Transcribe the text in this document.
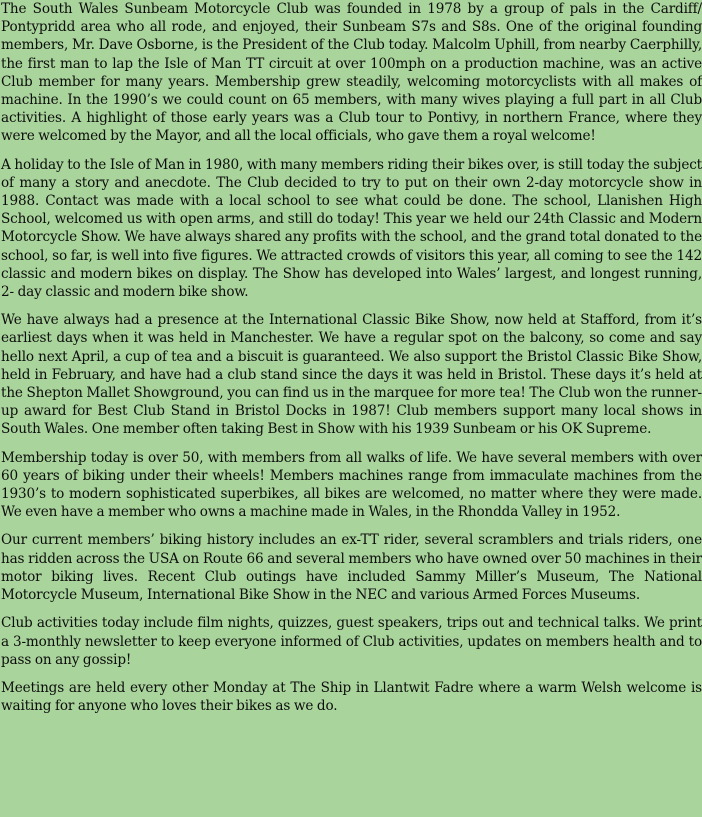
The South Wales Sunbeam Motorcycle Club was founded in 1978 by a group of pals in the Cardiff/ Pontypridd area who all rode, and enjoyed, their Sunbeam S7s and S8s. One of the original founding members, Mr. Dave Osborne, is the President of the Club today. Malcolm Uphill, from nearby Caerphilly, the first man to lap the Isle of Man TT circuit at over 100mph on a production machine, was an active Club member for many years. Membership grew steadily, welcoming motorcyclists with all makes of machine. In the 1990’s we could count on 65 members, with many wives playing a full part in all Club activities. A highlight of those early years was a Club tour to Pontivy, in northern France, where they were welcomed by the Mayor, and all the local officials, who gave them a royal welcome!

A holiday to the Isle of Man in 1980, with many members riding their bikes over, is still today the subject of many a story and anecdote. The Club decided to try to put on their own 2-day motorcycle show in 1988. Contact was made with a local school to see what could be done. The school, Llanishen High School, welcomed us with open arms, and still do today! This year we held our 24th Classic and Modern Motorcycle Show. We have always shared any profits with the school, and the grand total donated to the school, so far, is well into five figures. We attracted crowds of visitors this year, all coming to see the 142 classic and modern bikes on display. The Show has developed into Wales’ largest, and longest running, 2- day classic and modern bike show.

We have always had a presence at the International Classic Bike Show, now held at Stafford, from it’s earliest days when it was held in Manchester. We have a regular spot on the balcony, so come and say hello next April, a cup of tea and a biscuit is guaranteed. We also support the Bristol Classic Bike Show, held in February, and have had a club stand since the days it was held in Bristol. These days it’s held at the Shepton Mallet Showground, you can find us in the marquee for more tea! The Club won the runner-up award for Best Club Stand in Bristol Docks in 1987! Club members support many local shows in South Wales. One member often taking Best in Show with his 1939 Sunbeam or his OK Supreme.

Membership today is over 50, with members from all walks of life. We have several members with over 60 years of biking under their wheels! Members machines range from immaculate machines from the 1930’s to modern sophisticated superbikes, all bikes are welcomed, no matter where they were made. We even have a member who owns a machine made in Wales, in the Rhondda Valley in 1952.

Our current members’ biking history includes an ex-TT rider, several scramblers and trials riders, one has ridden across the USA on Route 66 and several members who have owned over 50 machines in their motor biking lives. Recent Club outings have included Sammy Miller’s Museum, The National Motorcycle Museum, International Bike Show in the NEC and various Armed Forces Museums.

Club activities today include film nights, quizzes, guest speakers, trips out and technical talks. We print a 3-monthly newsletter to keep everyone informed of Club activities, updates on members health and to pass on any gossip!

Meetings are held every other Monday at The Ship in Llantwit Fadre where a warm Welsh welcome is waiting for anyone who loves their bikes as we do.
